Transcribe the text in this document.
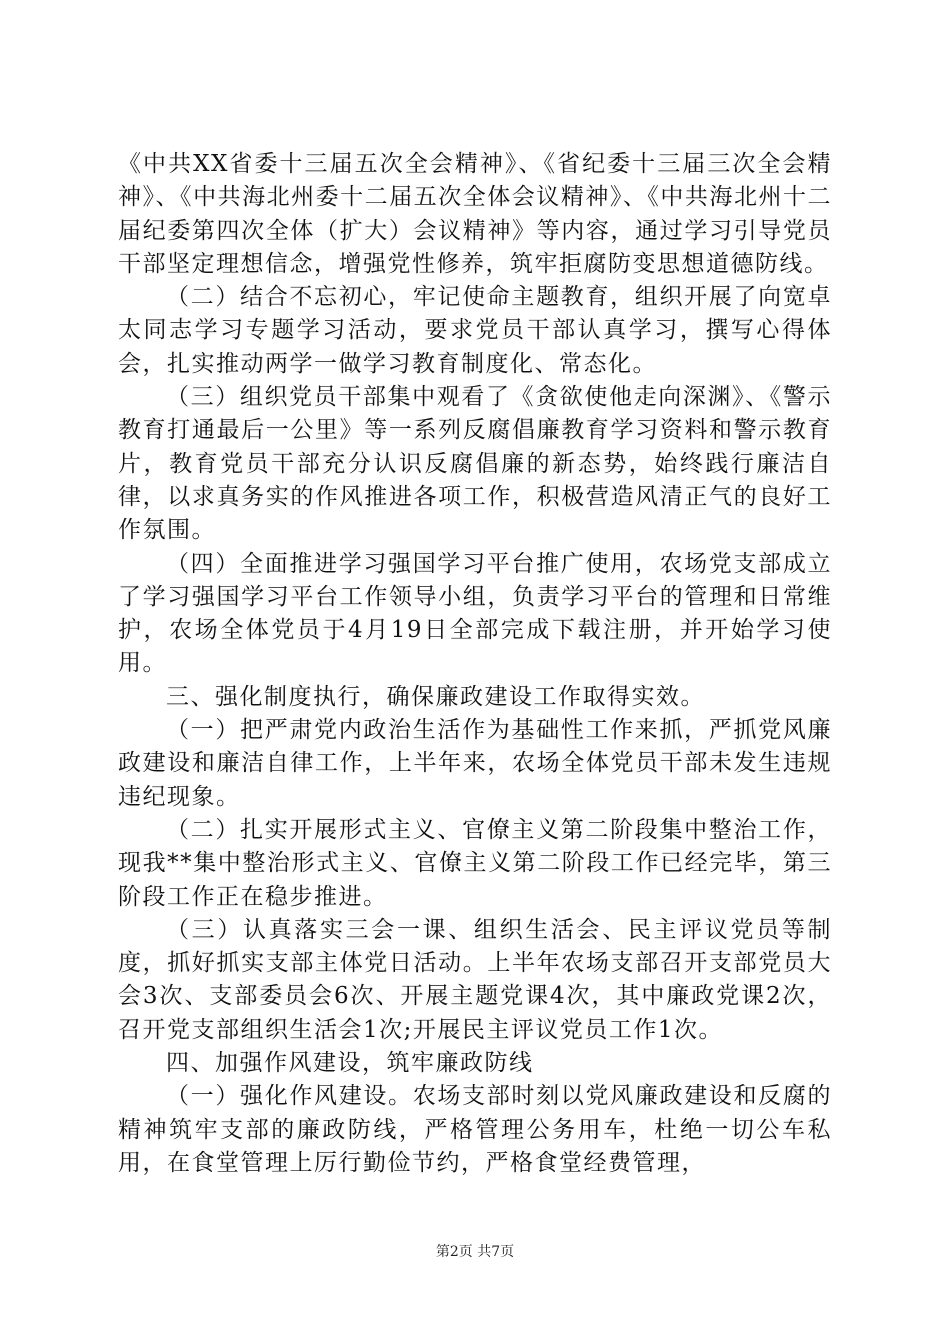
《中共XX省委十三届五次全会精神》、《省纪委十三届三次全会精神》、《中共海北州委十二届五次全体会议精神》、《中共海北州十二届纪委第四次全体（扩大）会议精神》等内容，通过学习引导党员干部坚定理想信念，增强党性修养，筑牢拒腐防变思想道德防线。

（二）结合不忘初心，牢记使命主题教育，组织开展了向宽卓太同志学习专题学习活动，要求党员干部认真学习，撰写心得体会，扎实推动两学一做学习教育制度化、常态化。

（三）组织党员干部集中观看了《贪欲使他走向深渊》、《警示教育打通最后一公里》等一系列反腐倡廉教育学习资料和警示教育片，教育党员干部充分认识反腐倡廉的新态势，始终践行廉洁自律，以求真务实的作风推进各项工作，积极营造风清正气的良好工作氛围。

（四）全面推进学习强国学习平台推广使用，农场党支部成立了学习强国学习平台工作领导小组，负责学习平台的管理和日常维护，农场全体党员于4月19日全部完成下载注册，并开始学习使用。

三、强化制度执行，确保廉政建设工作取得实效。

（一）把严肃党内政治生活作为基础性工作来抓，严抓党风廉政建设和廉洁自律工作，上半年来，农场全体党员干部未发生违规违纪现象。

（二）扎实开展形式主义、官僚主义第二阶段集中整治工作，现我**集中整治形式主义、官僚主义第二阶段工作已经完毕，第三阶段工作正在稳步推进。

（三）认真落实三会一课、组织生活会、民主评议党员等制度，抓好抓实支部主体党日活动。上半年农场支部召开支部党员大会3次、支部委员会6次、开展主题党课4次，其中廉政党课2次，召开党支部组织生活会1次;开展民主评议党员工作1次。

四、加强作风建设，筑牢廉政防线

（一）强化作风建设。农场支部时刻以党风廉政建设和反腐的精神筑牢支部的廉政防线，严格管理公务用车，杜绝一切公车私用，在食堂管理上厉行勤俭节约，严格食堂经费管理，

第2页 共7页
